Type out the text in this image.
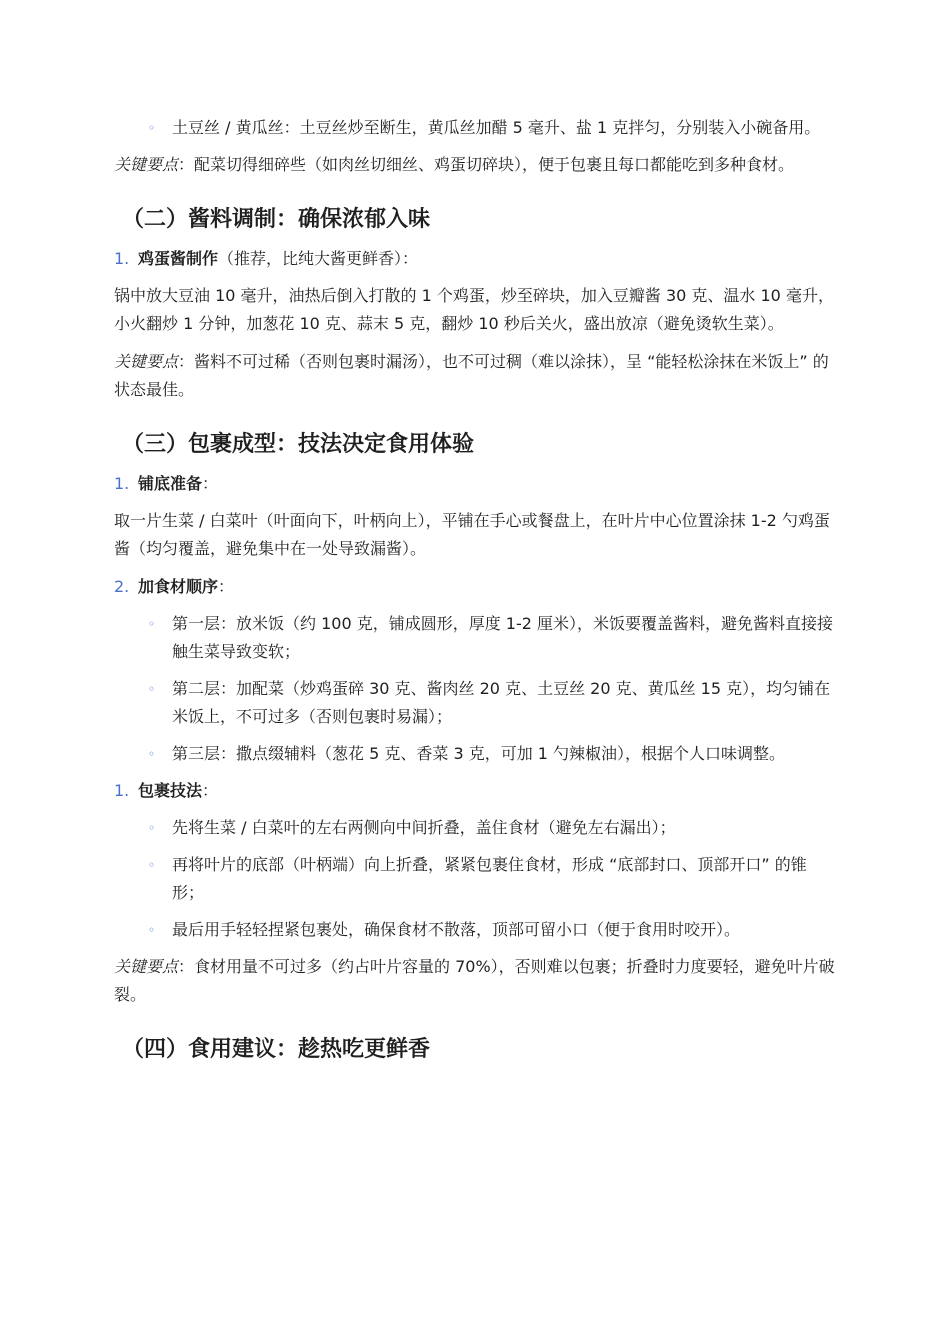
◦ 土豆丝 / 黄瓜丝：土豆丝炒至断生，黄瓜丝加醋 5 毫升、盐 1 克拌匀，分别装入小碗备用。

关键要点：配菜切得细碎些（如肉丝切细丝、鸡蛋切碎块），便于包裹且每口都能吃到多种食材。

（二）酱料调制：确保浓郁入味
1. 鸡蛋酱制作（推荐，比纯大酱更鲜香）：

锅中放大豆油 10 毫升，油热后倒入打散的 1 个鸡蛋，炒至碎块，加入豆瓣酱 30 克、温水 10 毫升，小火翻炒 1 分钟，加葱花 10 克、蒜末 5 克，翻炒 10 秒后关火，盛出放凉（避免烫软生菜）。

关键要点：酱料不可过稀（否则包裹时漏汤），也不可过稠（难以涂抹），呈 “能轻松涂抹在米饭上” 的状态最佳。

（三）包裹成型：技法决定食用体验
1. 铺底准备：

取一片生菜 / 白菜叶（叶面向下，叶柄向上），平铺在手心或餐盘上，在叶片中心位置涂抹 1-2 勺鸡蛋酱（均匀覆盖，避免集中在一处导致漏酱）。

2. 加食材顺序：
◦ 第一层：放米饭（约 100 克，铺成圆形，厚度 1-2 厘米），米饭要覆盖酱料，避免酱料直接接触生菜导致变软；
◦ 第二层：加配菜（炒鸡蛋碎 30 克、酱肉丝 20 克、土豆丝 20 克、黄瓜丝 15 克），均匀铺在米饭上，不可过多（否则包裹时易漏）；
◦ 第三层：撒点缀辅料（葱花 5 克、香菜 3 克，可加 1 勺辣椒油），根据个人口味调整。
1. 包裹技法：
◦ 先将生菜 / 白菜叶的左右两侧向中间折叠，盖住食材（避免左右漏出）；
◦ 再将叶片的底部（叶柄端）向上折叠，紧紧包裹住食材，形成 “底部封口、顶部开口” 的锥形；
◦ 最后用手轻轻捏紧包裹处，确保食材不散落，顶部可留小口（便于食用时咬开）。

关键要点：食材用量不可过多（约占叶片容量的 70%），否则难以包裹；折叠时力度要轻，避免叶片破裂。

（四）食用建议：趁热吃更鲜香
